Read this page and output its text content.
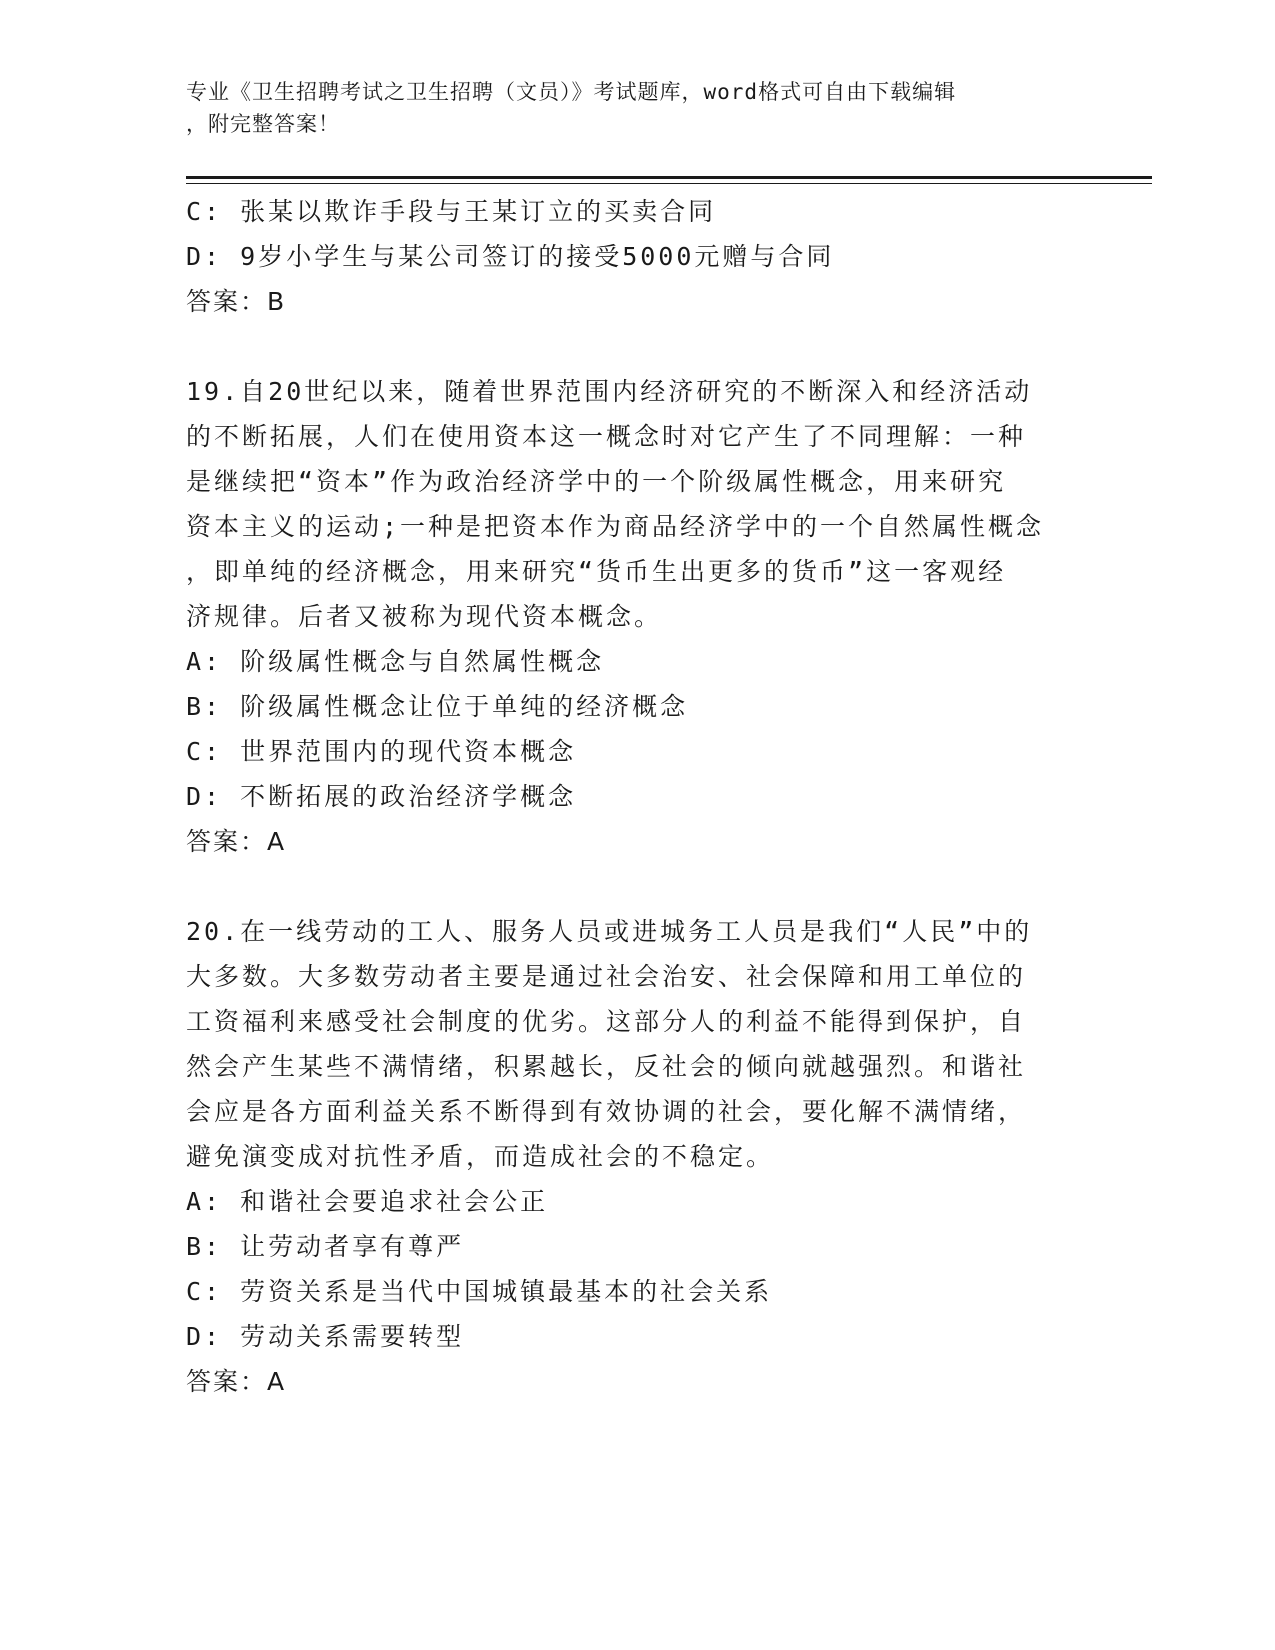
专业《卫生招聘考试之卫生招聘（文员）》考试题库，word格式可自由下载编辑
，附完整答案！
C: 张某以欺诈手段与王某订立的买卖合同
D: 9岁小学生与某公司签订的接受5000元赠与合同
答案：B
19.自20世纪以来，随着世界范围内经济研究的不断深入和经济活动
的不断拓展，人们在使用资本这一概念时对它产生了不同理解：一种
是继续把“资本”作为政治经济学中的一个阶级属性概念，用来研究
资本主义的运动;一种是把资本作为商品经济学中的一个自然属性概念
，即单纯的经济概念，用来研究“货币生出更多的货币”这一客观经
济规律。后者又被称为现代资本概念。
A: 阶级属性概念与自然属性概念
B: 阶级属性概念让位于单纯的经济概念
C: 世界范围内的现代资本概念
D: 不断拓展的政治经济学概念
答案：A
20.在一线劳动的工人、服务人员或进城务工人员是我们“人民”中的
大多数。大多数劳动者主要是通过社会治安、社会保障和用工单位的
工资福利来感受社会制度的优劣。这部分人的利益不能得到保护，自
然会产生某些不满情绪，积累越长，反社会的倾向就越强烈。和谐社
会应是各方面利益关系不断得到有效协调的社会，要化解不满情绪，
避免演变成对抗性矛盾，而造成社会的不稳定。
A: 和谐社会要追求社会公正
B: 让劳动者享有尊严
C: 劳资关系是当代中国城镇最基本的社会关系
D: 劳动关系需要转型
答案：A
